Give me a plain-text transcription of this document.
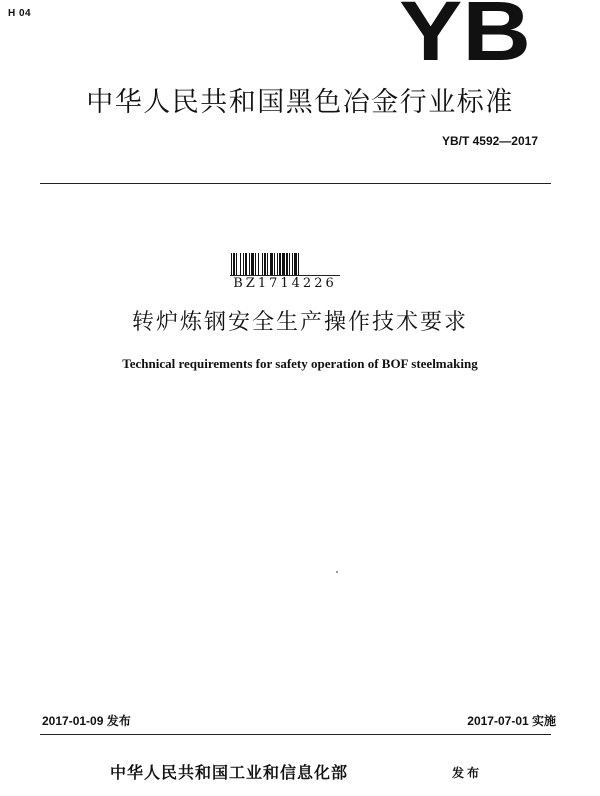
H 04	YB
中华人民共和国黑色冶金行业标准
YB/T 4592—2017
BZ1714226
转炉炼钢安全生产操作技术要求
Technical requirements for safety operation of BOF steelmaking
2017-01-09 发布	2017-07-01 实施
中华人民共和国工业和信息化部	发布
